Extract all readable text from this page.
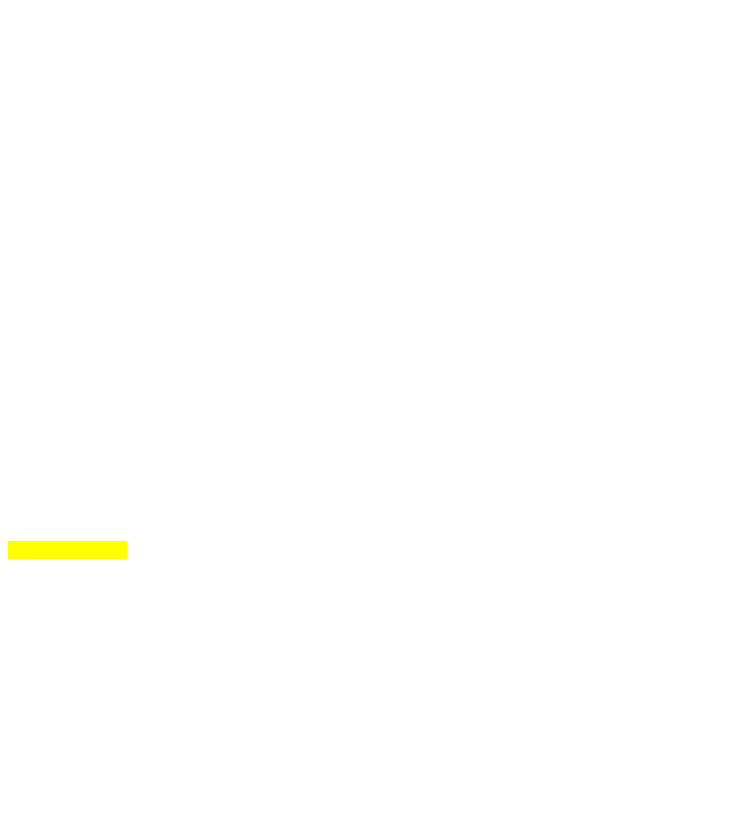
service militaire
